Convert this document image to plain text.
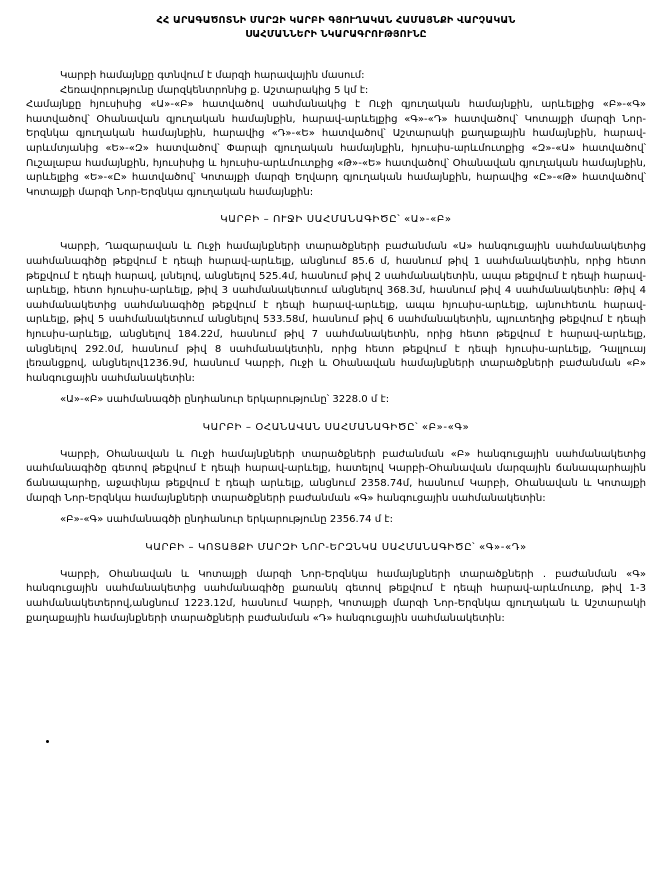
ՀՀ ԱՐԱԳԱԾՈՏՆԻ ՄԱՐԶԻ ԿԱՐԲԻ ԳՅՈՒՂԱԿԱՆ ՀԱՄԱՅՆՔԻ ՎԱՐՉԱԿԱՆ
ՍԱՀՄԱՆՆԵՐԻ ՆԿԱՐԱԳՐՈՒԹՅՈՒՆԸ

Կարբի համայնքը գտնվում է մարզի հարավային մասում:

Հեռավորությունը մարզկենտրոնից ք. Աշտարակից 5 կմ է:

Համայնքը հյուսիսից «Ա»-«Բ» հատվածով սահմանակից է Ուջի գյուղական համայնքին, արևելքից «Բ»-«Գ» հատվածով՝ Օհանավան գյուղական համայնքին, հարավ-արևելքից «Գ»-«Դ» հատվածով՝ Կոտայքի մարզի Նոր-Երզնկա գյուղական համայնքին, հարավից «Դ»-«Ե» հատվածով՝ Աշտարակի քաղաքային համայնքին, հարավ-արևմտյանից «Ե»-«Զ» հատվածով՝ Փարպի գյուղական համայնքին, հյուսիս-արևմուտքից «Զ»-«Ա» հատվածով՝ Ուշալաբա համայնքին, հյուսիսից և հյուսիս-արևմուտքից «Թ»-«Ե» հատվածով՝ Օհանավան գյուղական համայնքին, արևելքից «Ե»-«Ը» հատվածով՝ Կոտայքի մարզի Եղվարդ գյուղական համայնքին, հարավից «Ը»-«Թ» հատվածով՝ Կոտայքի մարզի Նոր-Երզնկա գյուղական համայնքին:

ԿԱՐԲԻ – ՈՒՋԻ ՍԱՀՄԱՆԱԳԻԾԸ՝ «Ա»-«Բ»

Կարբի, Ղազարավան և Ուջի համայնքների տարածքների բաժանման «Ա» հանգուցային սահմանակետից սահմանագիծը թեքվում է դեպի հարավ-արևելք, անցնում 85.6 մ, հասնում թիվ 1 սահմանակետին, որից հետո թեքվում է դեպի հարավ, լսնելով, անցնելով 525.4մ, հասնում թիվ 2 սահմանակետին, ապա թեքվում է դեպի հարավ-արևելք, հետո հյուսիս-արևելք, թիվ 3 սահմանակետում անցնելով 368.3մ, հասնում թիվ 4 սահմանակետին: Թիվ 4 սահմանակետից սահմանագիծը թեքվում է դեպի հարավ-արևելք, ապա հյուսիս-արևելք, այնուհետև հարավ-արևելք, թիվ 5 սահմանակետում անցնելով 533.58մ, հասնում թիվ 6 սահմանակետին, պյուտեղից թեքվում է դեպի հյուսիս-արևելք, անցնելով 184.22մ, հասնում թիվ 7 սահմանակետին, որից հետո թեքվում է հարավ-արևելք, անցնելով 292.0մ, հասնում թիվ 8 սահմանակետին, որից հետո թեքվում է դեպի հյուսիս-արևելք, Դալլուայ լեռանցքով, անցնելով1236.9մ, հասնում Կարբի, Ուջի և Օհանավան համայնքների տարածքների բաժանման «Բ» հանգուցային սահմանակետին:

«Ա»-«Բ» սահմանագծի ընդհանուր երկարությունը՝ 3228.0 մ է:

ԿԱՐԲԻ – ՕՀԱՆԱՎԱՆ ՍԱՀՄԱՆԱԳԻԾԸ՝ «Բ»-«Գ»

Կարբի, Օհանավան և Ուջի համայնքների տարածքների բաժանման «Բ» հանգուցային սահմանակետից սահմանագիծը գետով թեքվում է դեպի հարավ-արևելք, հատելով Կարբի-Օհանավան մարզային ճանապարհային ճանապարհը, աջափնյա թեքվում է դեպի արևելք, անցնում 2358.74մ, հասնում Կարբի, Օհանավան և Կոտայքի մարզի Նոր-Երզնկա համայնքների տարածքների բաժանման «Գ» հանգուցային սահմանակետին:

«Բ»-«Գ» սահմանագծի ընդհանուր երկարությունը 2356.74 մ է:

ԿԱՐԲԻ – ԿՈՏԱՅՔԻ ՄԱՐԶԻ ՆՈՐ-ԵՐԶՆԿԱ ՍԱՀՄԱՆԱԳԻԾԸ՝ «Գ»-«Դ»

Կարբի, Օհանավան և Կոտայքի մարզի Նոր-Երզնկա համայնքների տարածքների . բաժանման «Գ» հանգուցային սահմանակետից սահմանագիծը քառանկ գետով թեքվում է դեպի հարավ-արևմուտք, թիվ 1-3 սահմանակետերով,անցնում 1223.12մ, հասնում Կարբի, Կոտայքի մարզի Նոր-Երզնկա գյուղական և Աշտարակի քաղաքային համայնքների տարածքների բաժանման «Դ» հանգուցային սահմանակետին:
